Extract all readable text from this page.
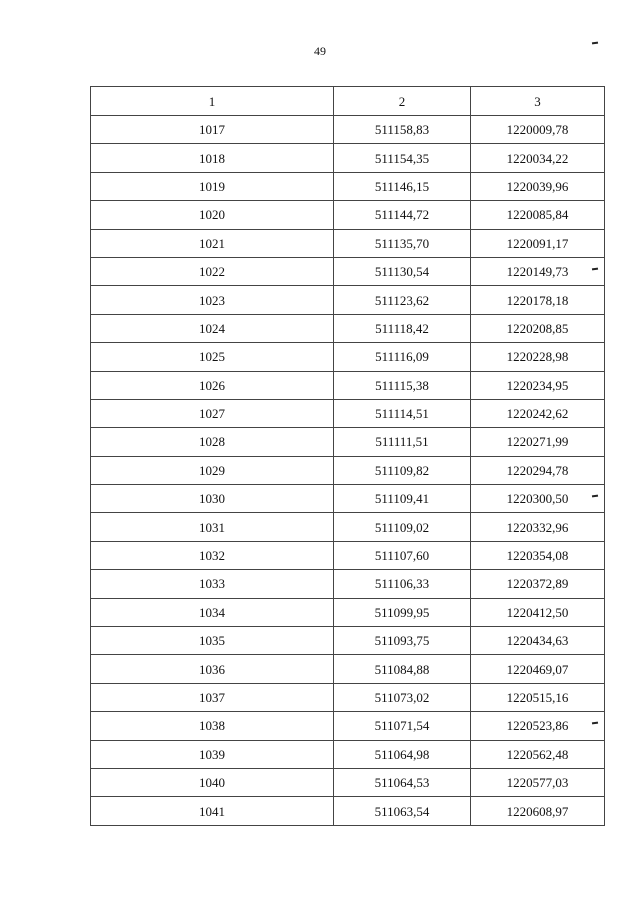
49
1	2	3
1017	511158,83	1220009,78
1018	511154,35	1220034,22
1019	511146,15	1220039,96
1020	511144,72	1220085,84
1021	511135,70	1220091,17
1022	511130,54	1220149,73
1023	511123,62	1220178,18
1024	511118,42	1220208,85
1025	511116,09	1220228,98
1026	511115,38	1220234,95
1027	511114,51	1220242,62
1028	511111,51	1220271,99
1029	511109,82	1220294,78
1030	511109,41	1220300,50
1031	511109,02	1220332,96
1032	511107,60	1220354,08
1033	511106,33	1220372,89
1034	511099,95	1220412,50
1035	511093,75	1220434,63
1036	511084,88	1220469,07
1037	511073,02	1220515,16
1038	511071,54	1220523,86
1039	511064,98	1220562,48
1040	511064,53	1220577,03
1041	511063,54	1220608,97
